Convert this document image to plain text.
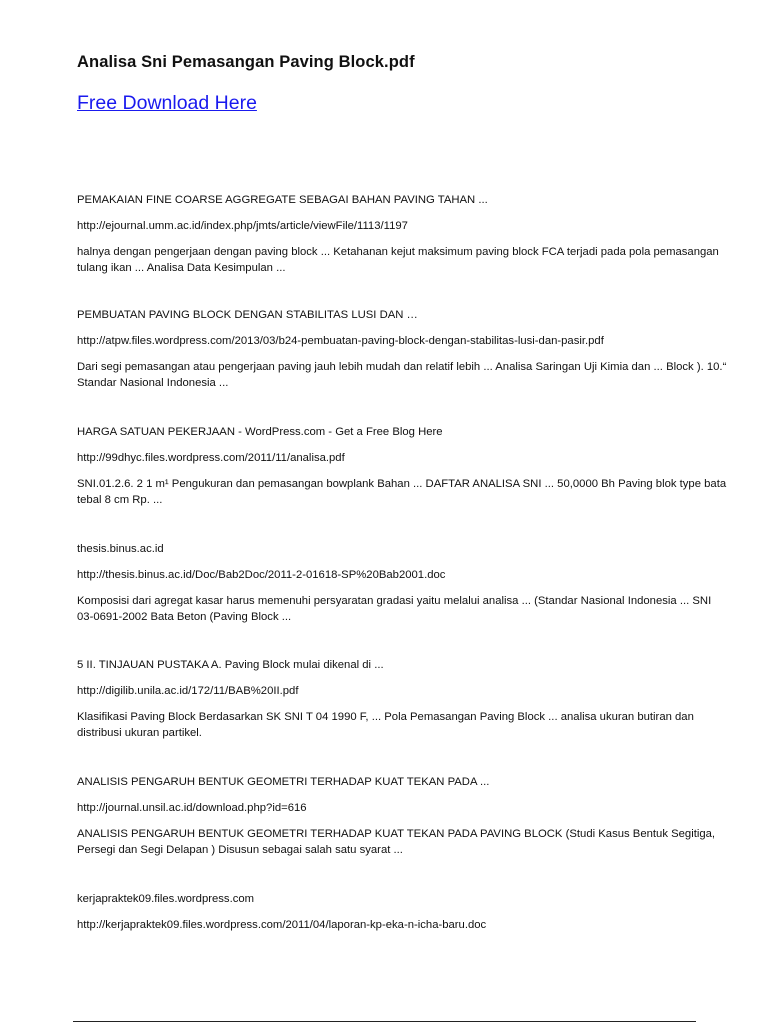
Analisa Sni Pemasangan Paving Block.pdf
Free Download Here
PEMAKAIAN FINE COARSE AGGREGATE SEBAGAI BAHAN PAVING TAHAN ...
http://ejournal.umm.ac.id/index.php/jmts/article/viewFile/1113/1197
halnya dengan pengerjaan dengan paving block ... Ketahanan kejut maksimum paving block FCA terjadi pada pola pemasangan tulang ikan ... Analisa Data Kesimpulan ...
PEMBUATAN PAVING BLOCK DENGAN STABILITAS LUSI DAN …
http://atpw.files.wordpress.com/2013/03/b24-pembuatan-paving-block-dengan-stabilitas-lusi-dan-pasir.pdf
Dari segi pemasangan atau pengerjaan paving jauh lebih mudah dan relatif lebih ... Analisa Saringan Uji Kimia dan ... Block ). 10.“ Standar Nasional Indonesia ...
HARGA SATUAN PEKERJAAN - WordPress.com - Get a Free Blog Here
http://99dhyc.files.wordpress.com/2011/11/analisa.pdf
SNI.01.2.6. 2 1 m¹ Pengukuran dan pemasangan bowplank Bahan ... DAFTAR ANALISA SNI ... 50,0000 Bh Paving blok type bata tebal 8 cm Rp. ...
thesis.binus.ac.id
http://thesis.binus.ac.id/Doc/Bab2Doc/2011-2-01618-SP%20Bab2001.doc
Komposisi dari agregat kasar harus memenuhi persyaratan gradasi yaitu melalui analisa ... (Standar Nasional Indonesia ... SNI 03-0691-2002 Bata Beton (Paving Block ...
5 II. TINJAUAN PUSTAKA A. Paving Block mulai dikenal di ...
http://digilib.unila.ac.id/172/11/BAB%20II.pdf
Klasifikasi Paving Block Berdasarkan SK SNI T 04 1990 F, ... Pola Pemasangan Paving Block ... analisa ukuran butiran dan distribusi ukuran partikel.
ANALISIS PENGARUH BENTUK GEOMETRI TERHADAP KUAT TEKAN PADA ...
http://journal.unsil.ac.id/download.php?id=616
ANALISIS PENGARUH BENTUK GEOMETRI TERHADAP KUAT TEKAN PADA PAVING BLOCK (Studi Kasus Bentuk Segitiga, Persegi dan Segi Delapan ) Disusun sebagai salah satu syarat ...
kerjapraktek09.files.wordpress.com
http://kerjapraktek09.files.wordpress.com/2011/04/laporan-kp-eka-n-icha-baru.doc
